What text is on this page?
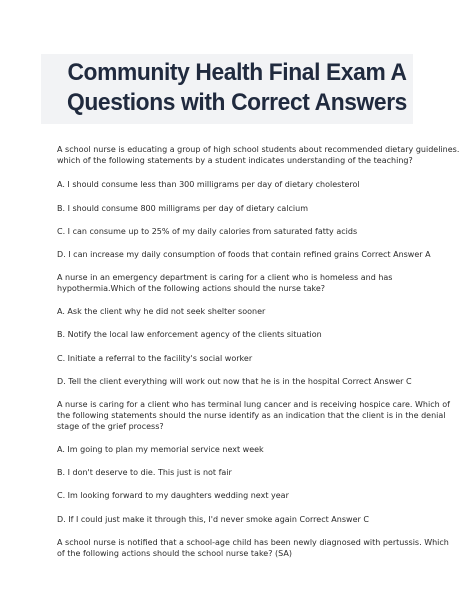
Community Health Final Exam A
Questions with Correct Answers
A school nurse is educating a group of high school students about recommended dietary guidelines.
which of the following statements by a student indicates understanding of the teaching?
A. I should consume less than 300 milligrams per day of dietary cholesterol
B. I should consume 800 milligrams per day of dietary calcium
C. I can consume up to 25% of my daily calories from saturated fatty acids
D. I can increase my daily consumption of foods that contain refined grains Correct Answer A
A nurse in an emergency department is caring for a client who is homeless and has
hypothermia.Which of the following actions should the nurse take?
A. Ask the client why he did not seek shelter sooner
B. Notify the local law enforcement agency of the clients situation
C. Initiate a referral to the facility's social worker
D. Tell the client everything will work out now that he is in the hospital Correct Answer C
A nurse is caring for a client who has terminal lung cancer and is receiving hospice care. Which of
the following statements should the nurse identify as an indication that the client is in the denial
stage of the grief process?
A. Im going to plan my memorial service next week
B. I don't deserve to die. This just is not fair
C. Im looking forward to my daughters wedding next year
D. If I could just make it through this, I'd never smoke again Correct Answer C
A school nurse is notified that a school-age child has been newly diagnosed with pertussis. Which
of the following actions should the school nurse take? (SA)
